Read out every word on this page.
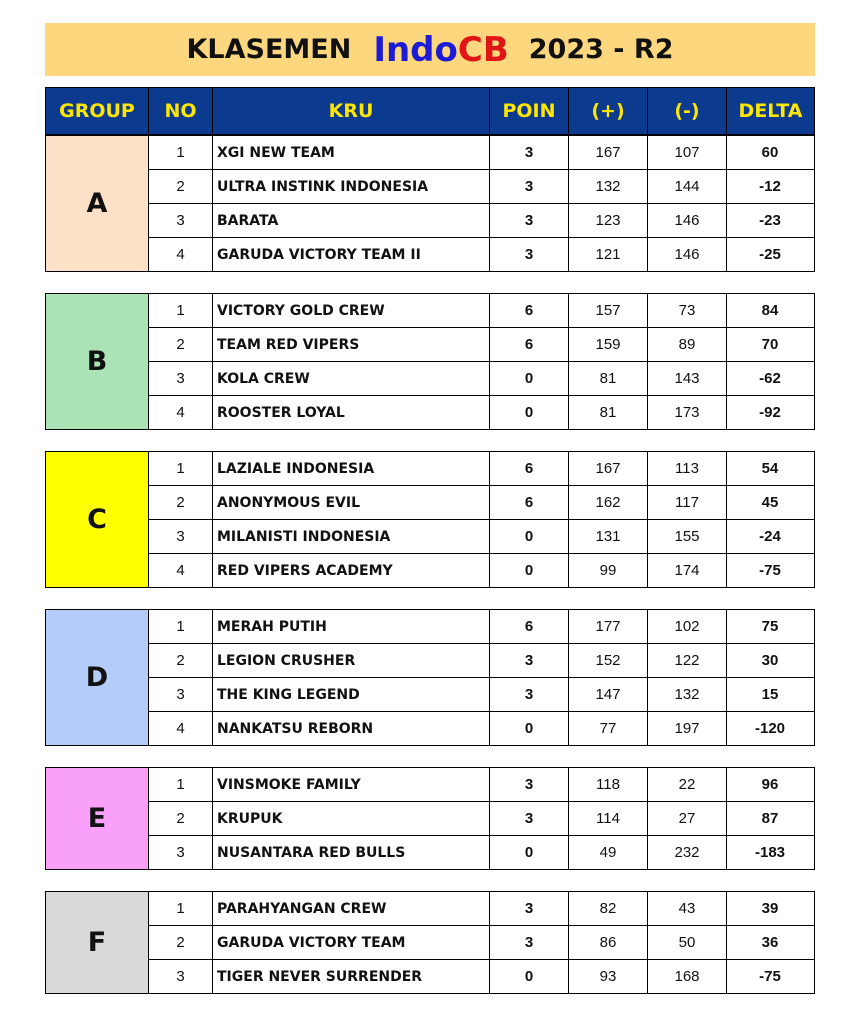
KLASEMEN Indo CB 2023 - R2
GROUP	NO	KRU	POIN	(+)	(-)	DELTA
A
1	XGI NEW TEAM	3	167	107	60
2	ULTRA INSTINK INDONESIA	3	132	144	-12
3	BARATA	3	123	146	-23
4	GARUDA VICTORY TEAM II	3	121	146	-25
B
1	VICTORY GOLD CREW	6	157	73	84
2	TEAM RED VIPERS	6	159	89	70
3	KOLA CREW	0	81	143	-62
4	ROOSTER LOYAL	0	81	173	-92
C
1	LAZIALE INDONESIA	6	167	113	54
2	ANONYMOUS EVIL	6	162	117	45
3	MILANISTI INDONESIA	0	131	155	-24
4	RED VIPERS ACADEMY	0	99	174	-75
D
1	MERAH PUTIH	6	177	102	75
2	LEGION CRUSHER	3	152	122	30
3	THE KING LEGEND	3	147	132	15
4	NANKATSU REBORN	0	77	197	-120
E
1	VINSMOKE FAMILY	3	118	22	96
2	KRUPUK	3	114	27	87
3	NUSANTARA RED BULLS	0	49	232	-183
F
1	PARAHYANGAN CREW	3	82	43	39
2	GARUDA VICTORY TEAM	3	86	50	36
3	TIGER NEVER SURRENDER	0	93	168	-75
